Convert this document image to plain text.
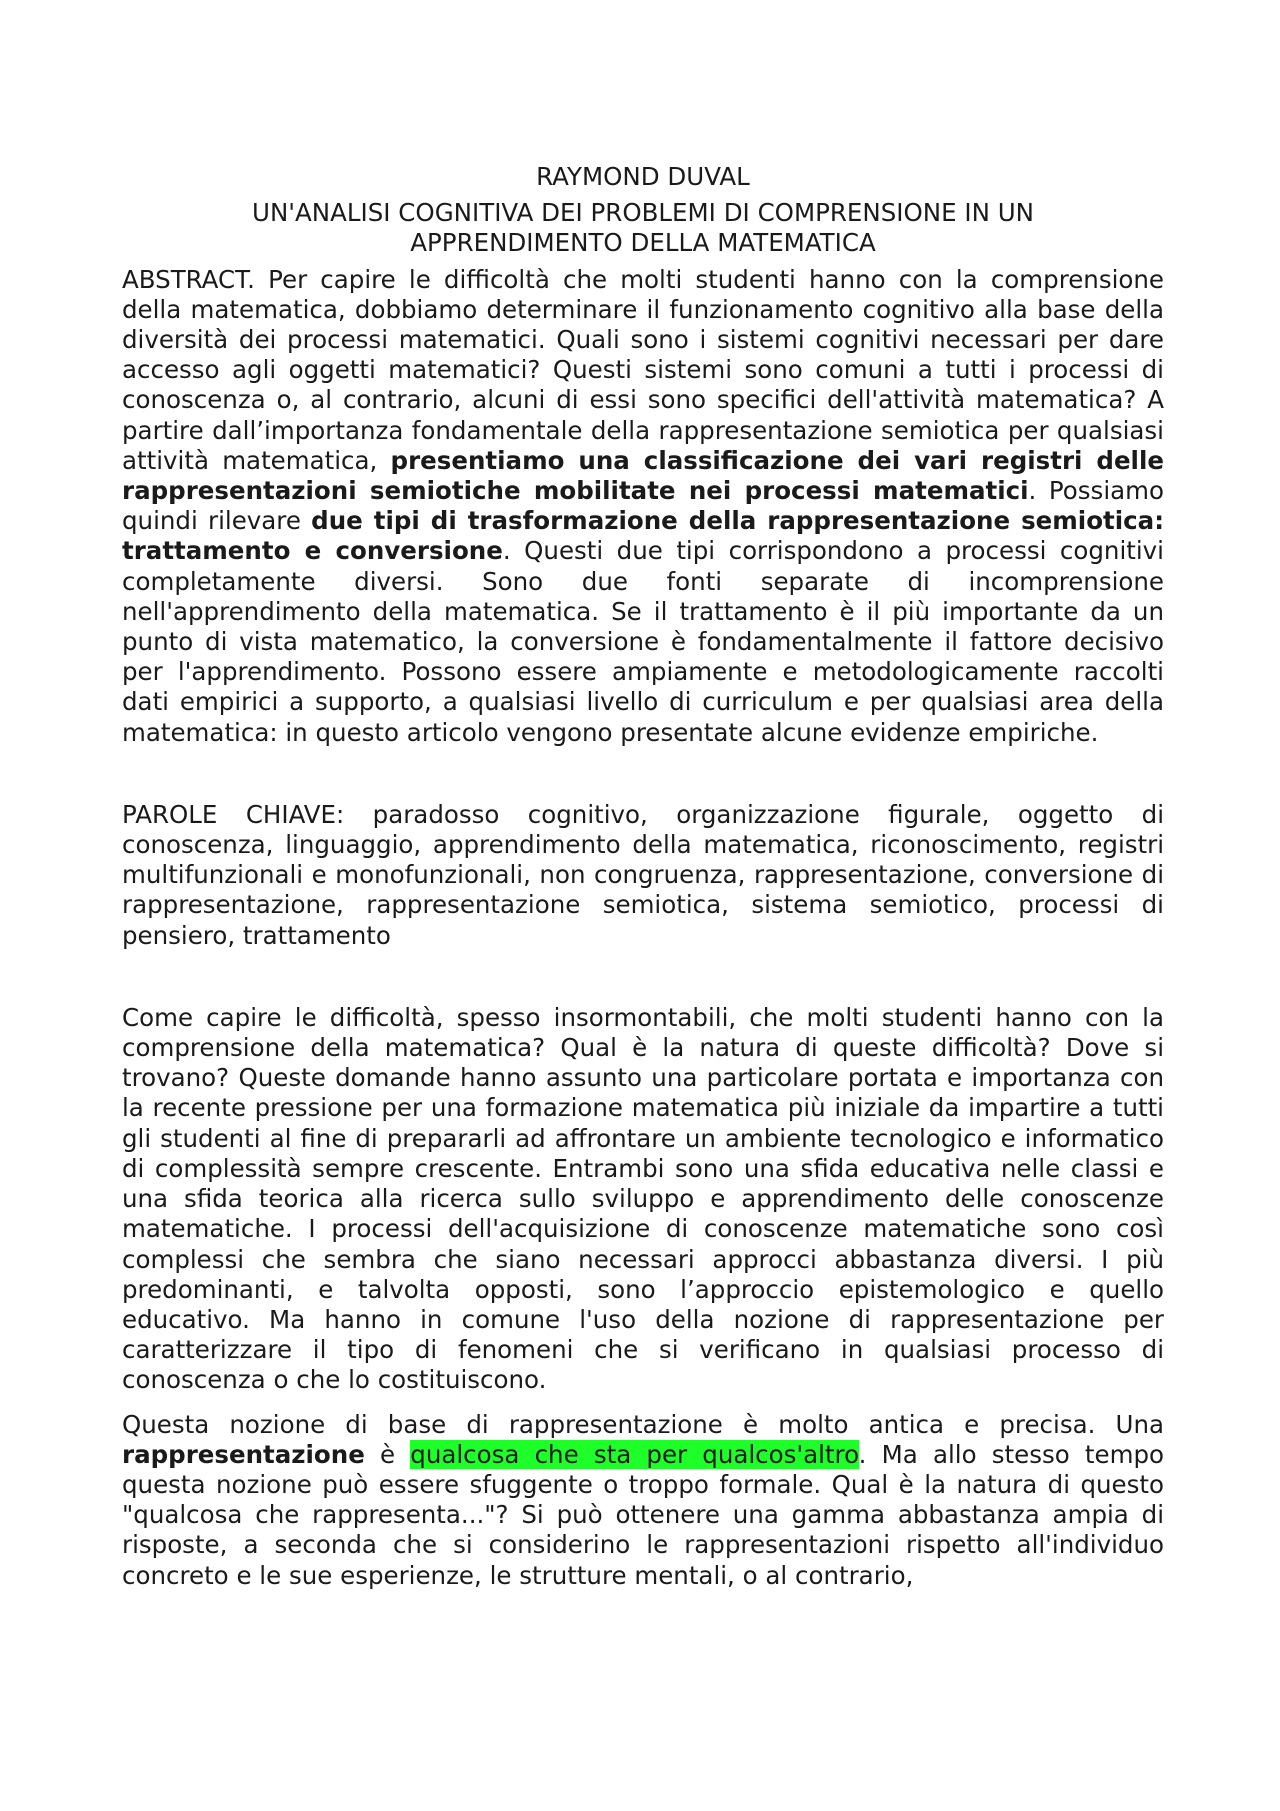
RAYMOND DUVAL
UN'ANALISI COGNITIVA DEI PROBLEMI DI COMPRENSIONE IN UN APPRENDIMENTO DELLA MATEMATICA

ABSTRACT. Per capire le difficoltà che molti studenti hanno con la comprensione della matematica, dobbiamo determinare il funzionamento cognitivo alla base della diversità dei processi matematici. Quali sono i sistemi cognitivi necessari per dare accesso agli oggetti matematici? Questi sistemi sono comuni a tutti i processi di conoscenza o, al contrario, alcuni di essi sono specifici dell'attività matematica? A partire dall’importanza fondamentale della rappresentazione semiotica per qualsiasi attività matematica, presentiamo una classificazione dei vari registri delle rappresentazioni semiotiche mobilitate nei processi matematici. Possiamo quindi rilevare due tipi di trasformazione della rappresentazione semiotica: trattamento e conversione. Questi due tipi corrispondono a processi cognitivi completamente diversi. Sono due fonti separate di incomprensione nell'apprendimento della matematica. Se il trattamento è il più importante da un punto di vista matematico, la conversione è fondamentalmente il fattore decisivo per l'apprendimento. Possono essere ampiamente e metodologicamente raccolti dati empirici a supporto, a qualsiasi livello di curriculum e per qualsiasi area della matematica: in questo articolo vengono presentate alcune evidenze empiriche.

PAROLE CHIAVE: paradosso cognitivo, organizzazione figurale, oggetto di conoscenza, linguaggio, apprendimento della matematica, riconoscimento, registri multifunzionali e monofunzionali, non congruenza, rappresentazione, conversione di rappresentazione, rappresentazione semiotica, sistema semiotico, processi di pensiero, trattamento

Come capire le difficoltà, spesso insormontabili, che molti studenti hanno con la comprensione della matematica? Qual è la natura di queste difficoltà? Dove si trovano? Queste domande hanno assunto una particolare portata e importanza con la recente pressione per una formazione matematica più iniziale da impartire a tutti gli studenti al fine di prepararli ad affrontare un ambiente tecnologico e informatico di complessità sempre crescente. Entrambi sono una sfida educativa nelle classi e una sfida teorica alla ricerca sullo sviluppo e apprendimento delle conoscenze matematiche. I processi dell'acquisizione di conoscenze matematiche sono così complessi che sembra che siano necessari approcci abbastanza diversi. I più predominanti, e talvolta opposti, sono l’approccio epistemologico e quello educativo. Ma hanno in comune l'uso della nozione di rappresentazione per caratterizzare il tipo di fenomeni che si verificano in qualsiasi processo di conoscenza o che lo costituiscono.

Questa nozione di base di rappresentazione è molto antica e precisa. Una rappresentazione è qualcosa che sta per qualcos'altro. Ma allo stesso tempo questa nozione può essere sfuggente o troppo formale. Qual è la natura di questo "qualcosa che rappresenta..."? Si può ottenere una gamma abbastanza ampia di risposte, a seconda che si considerino le rappresentazioni rispetto all'individuo concreto e le sue esperienze, le strutture mentali, o al contrario,
